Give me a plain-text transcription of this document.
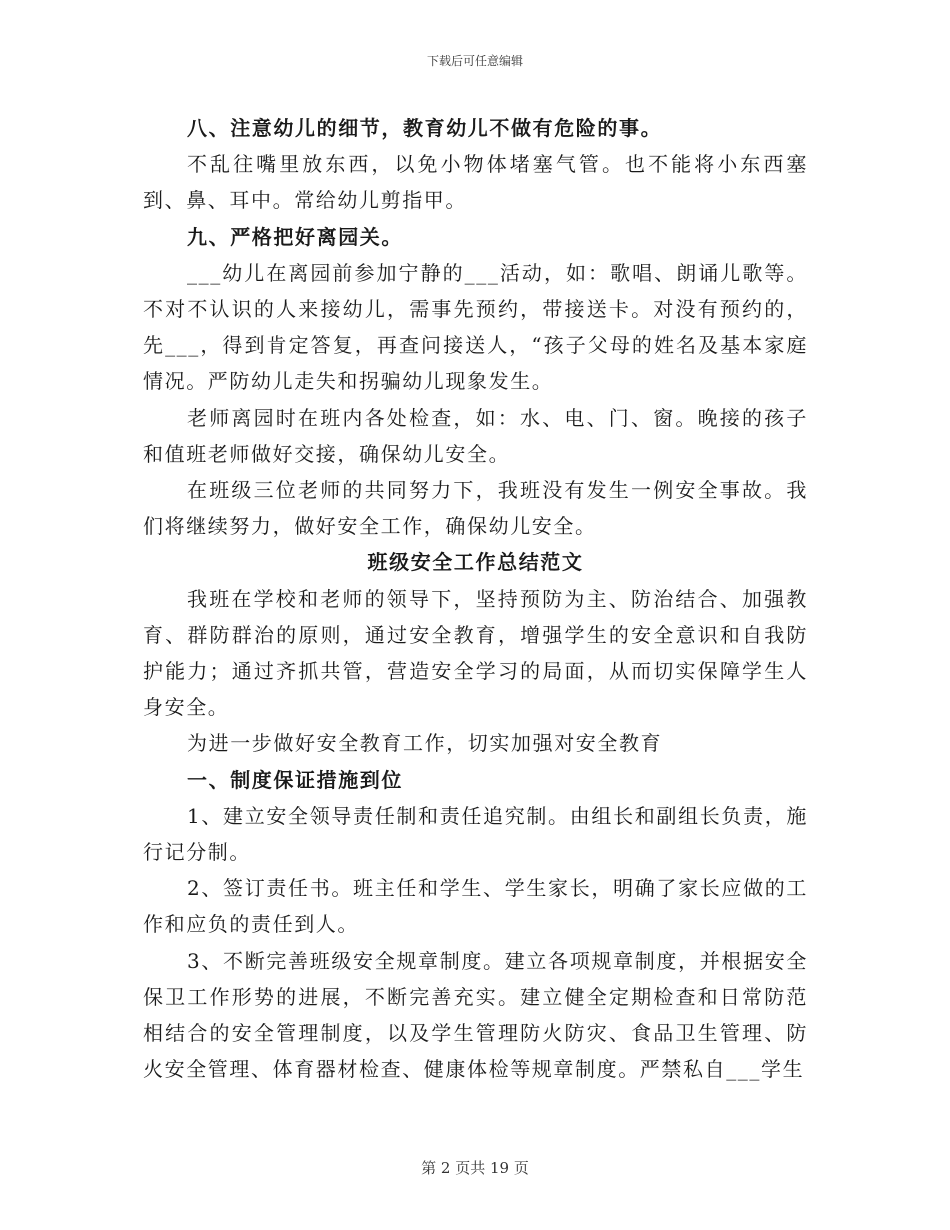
下载后可任意编辑

八、注意幼儿的细节，教育幼儿不做有危险的事。

不乱往嘴里放东西，以免小物体堵塞气管。也不能将小东西塞到、鼻、耳中。常给幼儿剪指甲。

九、严格把好离园关。

___幼儿在离园前参加宁静的___活动，如：歌唱、朗诵儿歌等。不对不认识的人来接幼儿，需事先预约，带接送卡。对没有预约的，先___，得到肯定答复，再查问接送人，“孩子父母的姓名及基本家庭情况。严防幼儿走失和拐骗幼儿现象发生。

老师离园时在班内各处检查，如：水、电、门、窗。晚接的孩子和值班老师做好交接，确保幼儿安全。

在班级三位老师的共同努力下，我班没有发生一例安全事故。我们将继续努力，做好安全工作，确保幼儿安全。

班级安全工作总结范文

我班在学校和老师的领导下，坚持预防为主、防治结合、加强教育、群防群治的原则，通过安全教育，增强学生的安全意识和自我防护能力；通过齐抓共管，营造安全学习的局面，从而切实保障学生人身安全。

为进一步做好安全教育工作，切实加强对安全教育

一、制度保证措施到位

1、建立安全领导责任制和责任追究制。由组长和副组长负责，施行记分制。

2、签订责任书。班主任和学生、学生家长，明确了家长应做的工作和应负的责任到人。

3、不断完善班级安全规章制度。建立各项规章制度，并根据安全保卫工作形势的进展，不断完善充实。建立健全定期检查和日常防范相结合的安全管理制度，以及学生管理防火防灾、食品卫生管理、防火安全管理、体育器材检查、健康体检等规章制度。严禁私自___学生

第 2 页共 19 页
